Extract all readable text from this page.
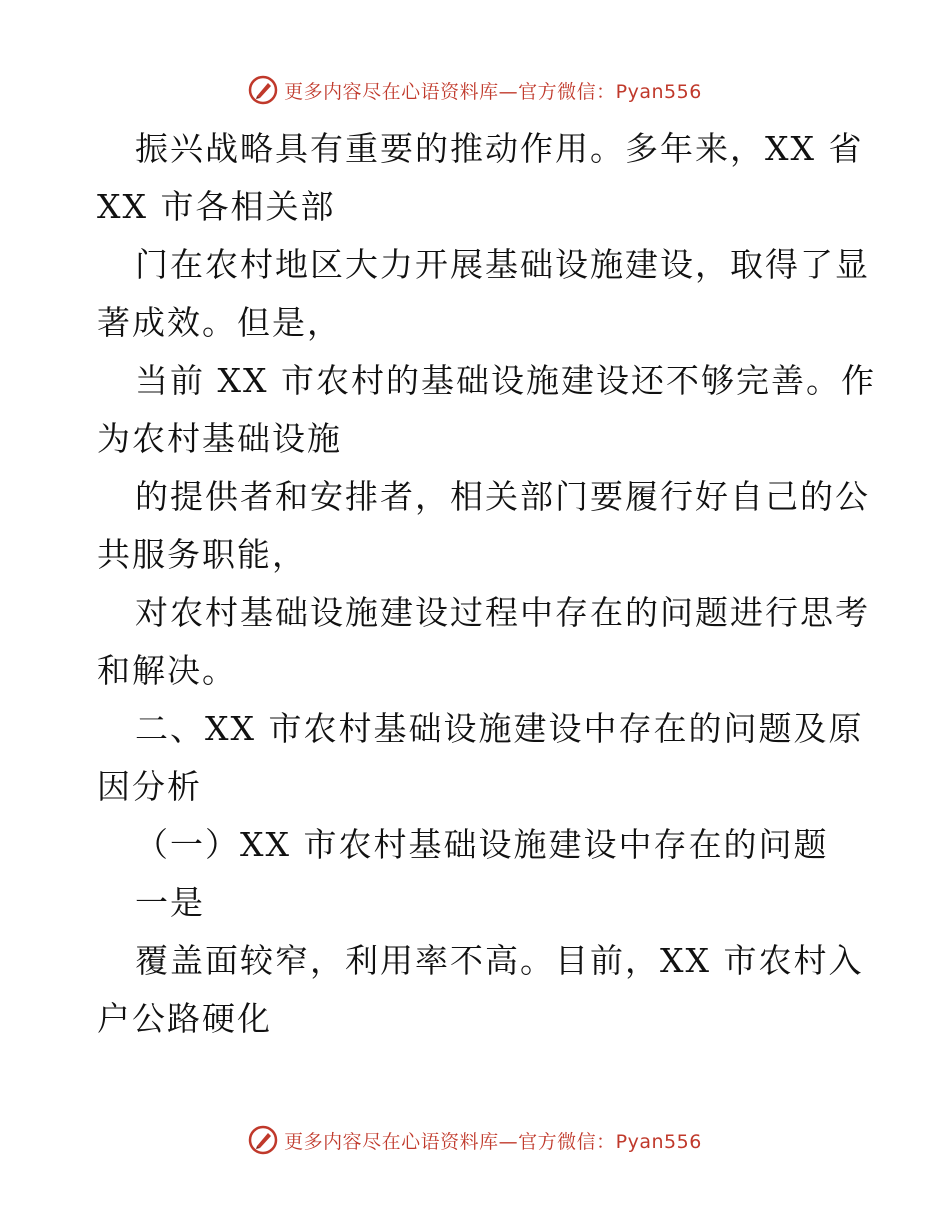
更多内容尽在心语资料库—官方微信：Pyan556
振兴战略具有重要的推动作用。多年来，XX 省
XX 市各相关部
门在农村地区大力开展基础设施建设，取得了显
著成效。但是，
当前 XX 市农村的基础设施建设还不够完善。作
为农村基础设施
的提供者和安排者，相关部门要履行好自己的公
共服务职能，
对农村基础设施建设过程中存在的问题进行思考
和解决。
二、XX 市农村基础设施建设中存在的问题及原
因分析
（一）XX 市农村基础设施建设中存在的问题
一是
覆盖面较窄，利用率不高。目前，XX 市农村入
户公路硬化
更多内容尽在心语资料库—官方微信：Pyan556
